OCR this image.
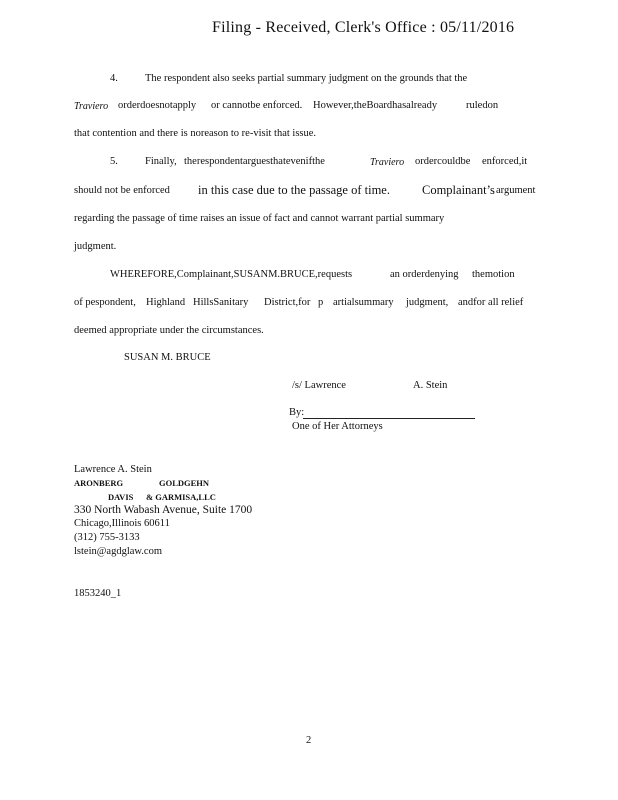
Filing - Received, Clerk's Office : 05/11/2016
4.	The respondent also seeks partial summary judgment on the grounds that the
Traviero orderdoesnotapply or cannotbe enforced. However,theBoardhasalready	ruledon
that contention and there is noreason to re-visit that issue.
5.	Finally, therespondentarguesthatevenifthe	Traviero ordercouldbe enforced,it
should not be enforced in this case due to the passage of time.	Complainant’s argument
regarding the passage of time raises an issue of fact and cannot warrant partial summary
judgment.
WHEREFORE,Complainant,SUSANM.BRUCE,requests	an orderdenying themotion
of pespondent, Highland HillsSanitary District,for p artialsummary judgment, andfor all relief
deemed appropriate under the circumstances.
SUSAN M. BRUCE
/s/ Lawrence	A. Stein
By:
One of Her Attorneys
Lawrence A. Stein
ARONBERG	GOLDGEHN
DAVIS & GARMISA,LLC
330 North Wabash Avenue, Suite 1700
Chicago,Illinois 60611
(312) 755-3133
lstein@agdglaw.com
1853240_1
2
